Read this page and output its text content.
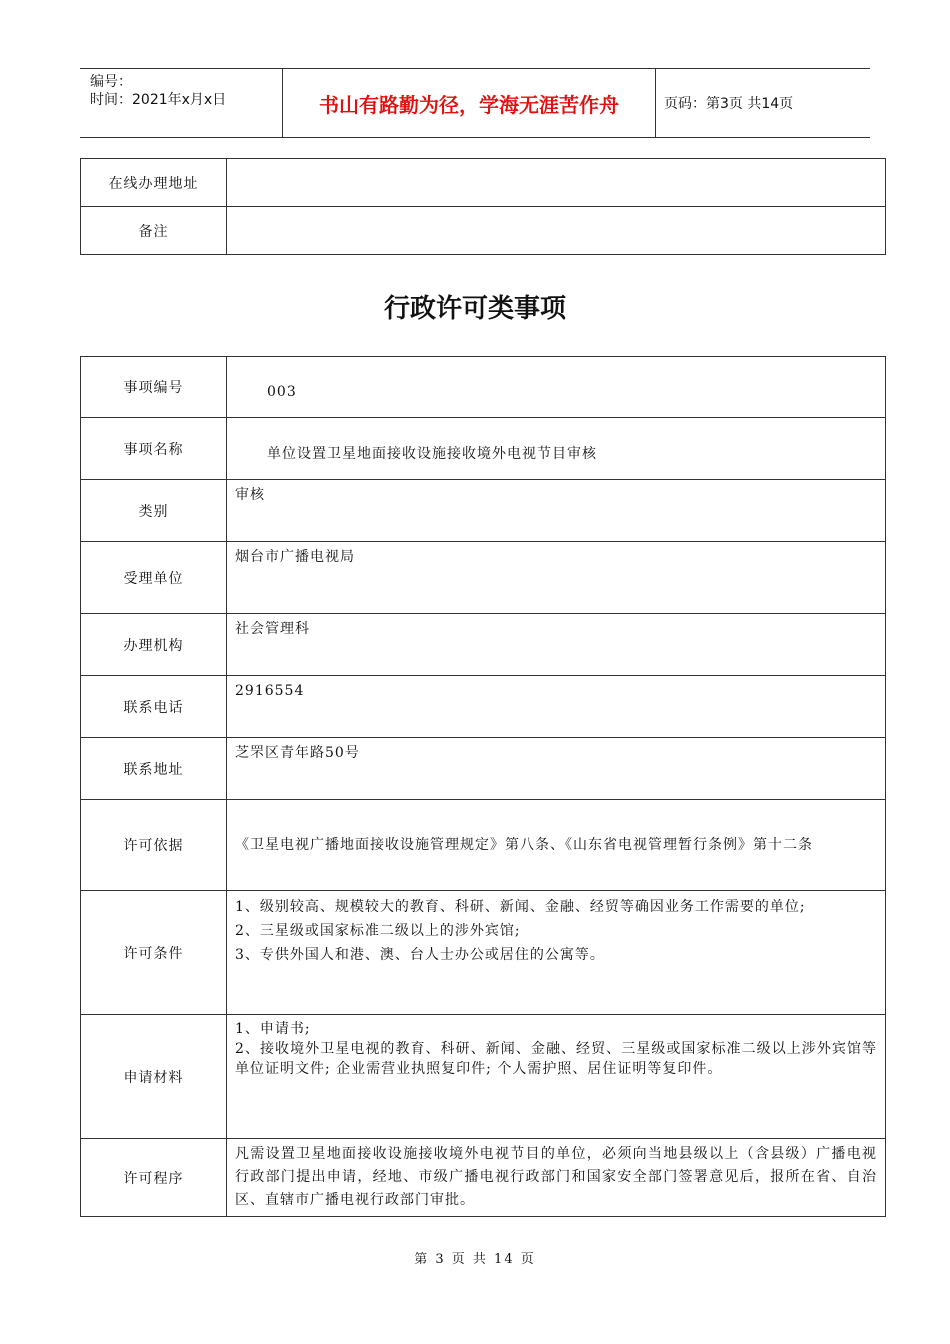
编号：
时间：2021年x月x日	书山有路勤为径，学海无涯苦作舟	页码：第3页 共14页
在线办理地址	
备注	
行政许可类事项
事项编号	003
事项名称	单位设置卫星地面接收设施接收境外电视节目审核
类别	审核
受理单位	烟台市广播电视局
办理机构	社会管理科
联系电话	2916554
联系地址	芝罘区青年路50号
许可依据	《卫星电视广播地面接收设施管理规定》第八条、《山东省电视管理暂行条例》第十二条
许可条件	1、级别较高、规模较大的教育、科研、新闻、金融、经贸等确因业务工作需要的单位;
2、三星级或国家标准二级以上的涉外宾馆;
3、专供外国人和港、澳、台人士办公或居住的公寓等。

申请材料	1、申请书;
2、接收境外卫星电视的教育、科研、新闻、金融、经贸、三星级或国家标准二级以上涉外宾馆等单位证明文件; 企业需营业执照复印件; 个人需护照、居住证明等复印件。

许可程序	凡需设置卫星地面接收设施接收境外电视节目的单位，必须向当地县级以上（含县级）广播电视行政部门提出申请，经地、市级广播电视行政部门和国家安全部门签署意见后，报所在省、自治区、直辖市广播电视行政部门审批。
第 3 页 共 14 页
